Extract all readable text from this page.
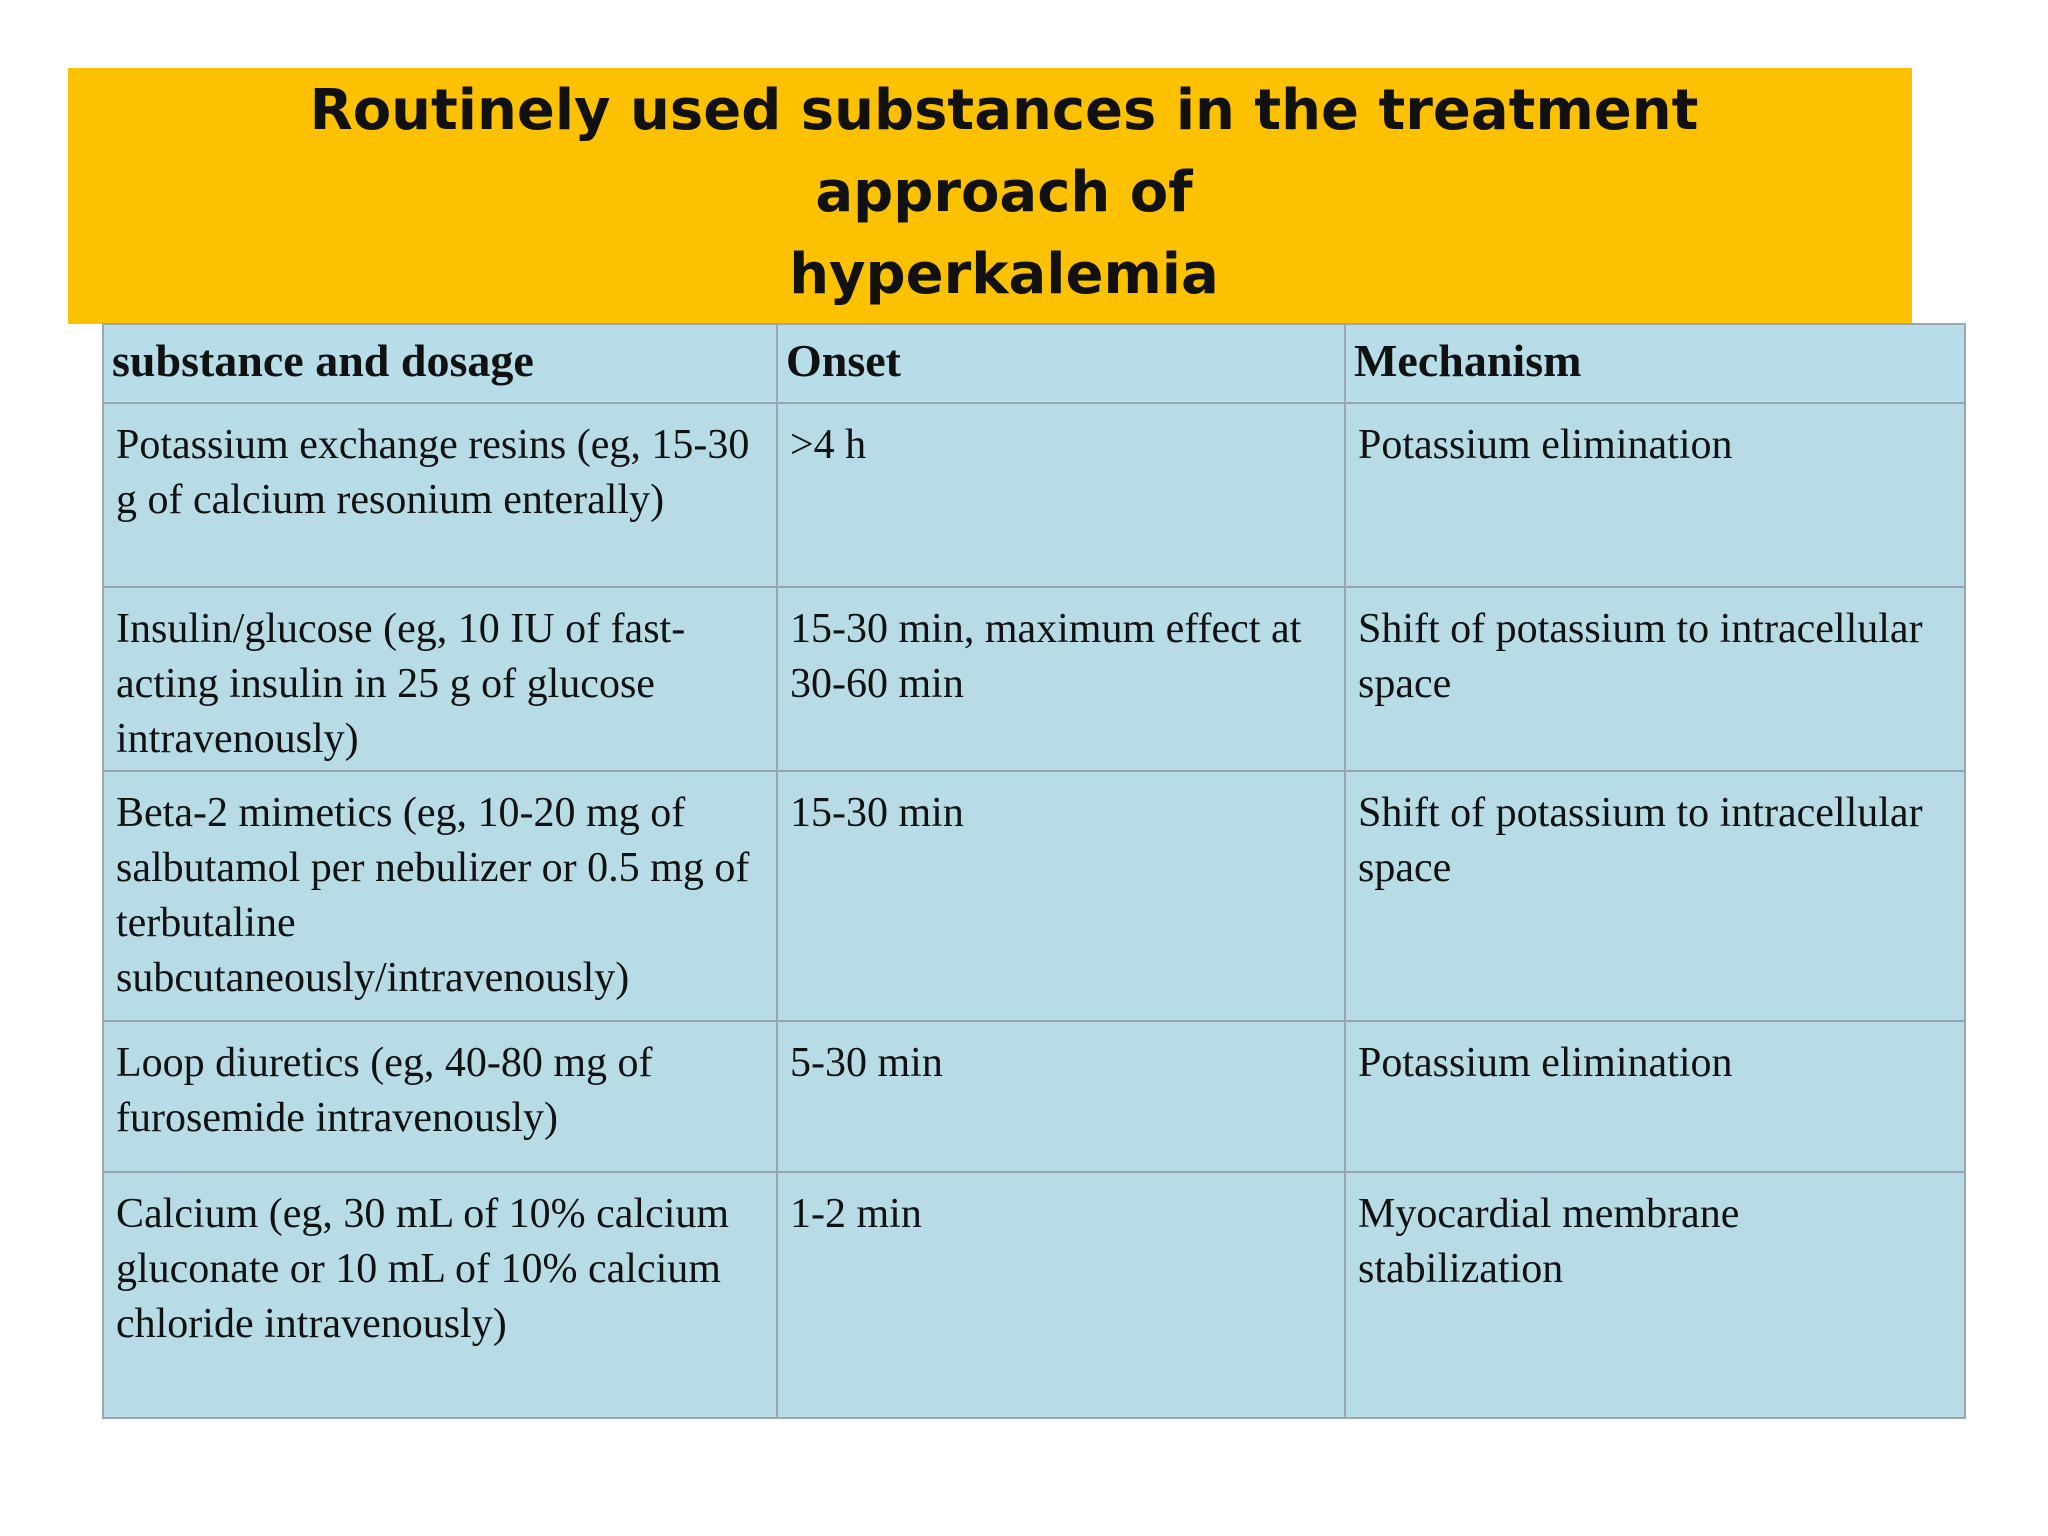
Routinely used substances in the treatment approach of
hyperkalemia
substance and dosage	Onset	Mechanism
Potassium exchange resins (eg, 15-30 g of calcium resonium enterally)	>4 h	Potassium elimination
Insulin/glucose (eg, 10 IU of fast-acting insulin in 25 g of glucose intravenously)	15-30 min, maximum effect at 30-60 min	Shift of potassium to intracellular space
Beta-2 mimetics (eg, 10-20 mg of salbutamol per nebulizer or 0.5 mg of terbutaline subcutaneously/intravenously)	15-30 min	Shift of potassium to intracellular space
Loop diuretics (eg, 40-80 mg of furosemide intravenously)	5-30 min	Potassium elimination
Calcium (eg, 30 mL of 10% calcium gluconate or 10 mL of 10% calcium chloride intravenously)	1-2 min	Myocardial membrane stabilization
